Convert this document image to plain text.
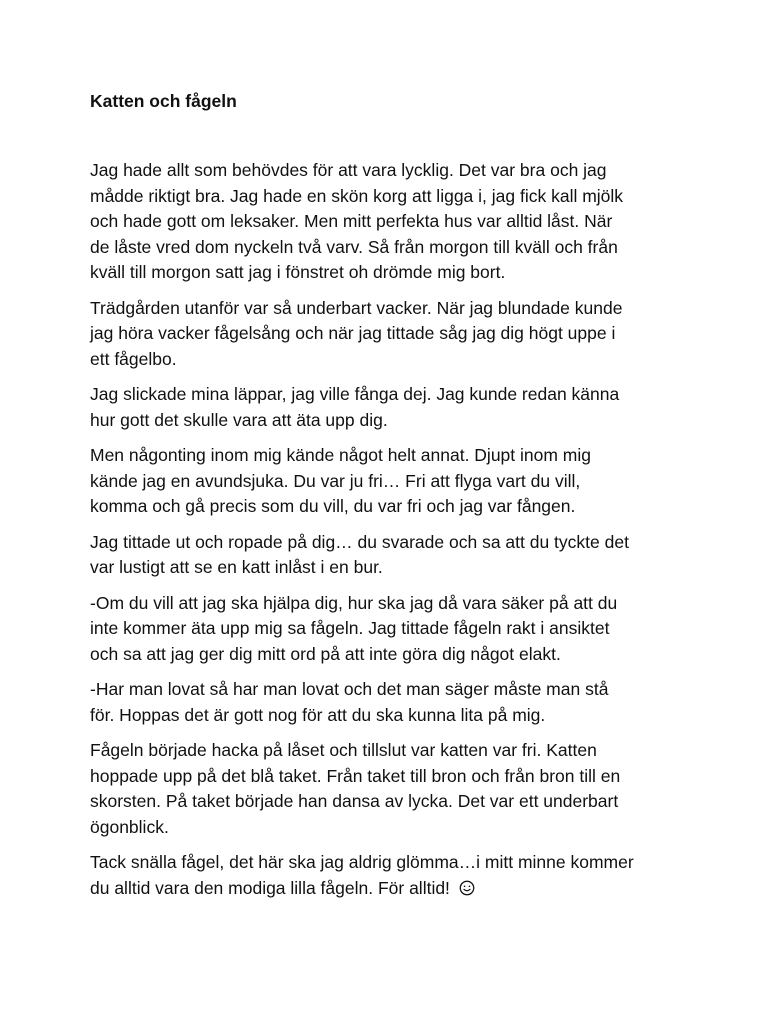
Katten och fågeln

Jag hade allt som behövdes för att vara lycklig. Det var bra och jag
mådde riktigt bra. Jag hade en skön korg att ligga i, jag fick kall mjölk
och hade gott om leksaker. Men mitt perfekta hus var alltid låst. När
de låste vred dom nyckeln två varv. Så från morgon till kväll och från
kväll till morgon satt jag i fönstret oh drömde mig bort.

Trädgården utanför var så underbart vacker. När jag blundade kunde
jag höra vacker fågelsång och när jag tittade såg jag dig högt uppe i
ett fågelbo.

Jag slickade mina läppar, jag ville fånga dej. Jag kunde redan känna
hur gott det skulle vara att äta upp dig.

Men någonting inom mig kände något helt annat. Djupt inom mig
kände jag en avundsjuka. Du var ju fri… Fri att flyga vart du vill,
komma och gå precis som du vill, du var fri och jag var fången.

Jag tittade ut och ropade på dig… du svarade och sa att du tyckte det
var lustigt att se en katt inlåst i en bur.

-Om du vill att jag ska hjälpa dig, hur ska jag då vara säker på att du
inte kommer äta upp mig sa fågeln. Jag tittade fågeln rakt i ansiktet
och sa att jag ger dig mitt ord på att inte göra dig något elakt.

-Har man lovat så har man lovat och det man säger måste man stå
för. Hoppas det är gott nog för att du ska kunna lita på mig.

Fågeln började hacka på låset och tillslut var katten var fri. Katten
hoppade upp på det blå taket. Från taket till bron och från bron till en
skorsten. På taket började han dansa av lycka. Det var ett underbart
ögonblick.

Tack snälla fågel, det här ska jag aldrig glömma…i mitt minne kommer
du alltid vara den modiga lilla fågeln. För alltid!
